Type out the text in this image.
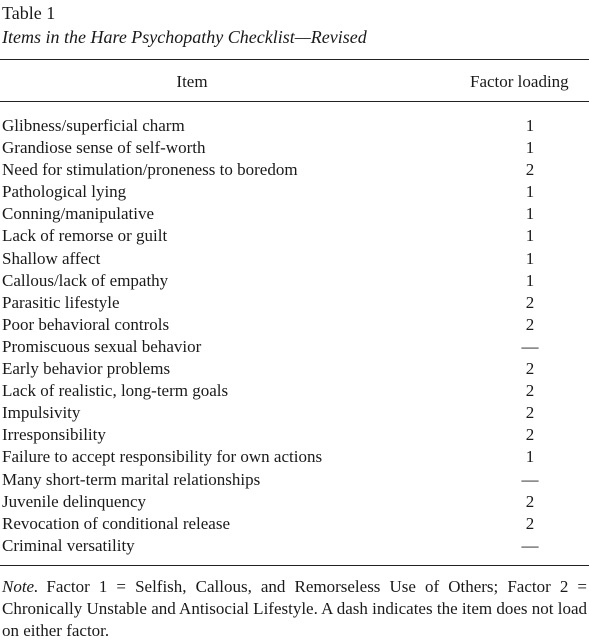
Table 1
Items in the Hare Psychopathy Checklist—Revised
Item	Factor loading
Glibness/superficial charm	1
Grandiose sense of self-worth	1
Need for stimulation/proneness to boredom	2
Pathological lying	1
Conning/manipulative	1
Lack of remorse or guilt	1
Shallow affect	1
Callous/lack of empathy	1
Parasitic lifestyle	2
Poor behavioral controls	2
Promiscuous sexual behavior	—
Early behavior problems	2
Lack of realistic, long-term goals	2
Impulsivity	2
Irresponsibility	2
Failure to accept responsibility for own actions	1
Many short-term marital relationships	—
Juvenile delinquency	2
Revocation of conditional release	2
Criminal versatility	—
Note. Factor 1 = Selfish, Callous, and Remorseless Use of Others; Factor 2 = Chronically Unstable and Antisocial Lifestyle. A dash indicates the item does not load on either factor.
